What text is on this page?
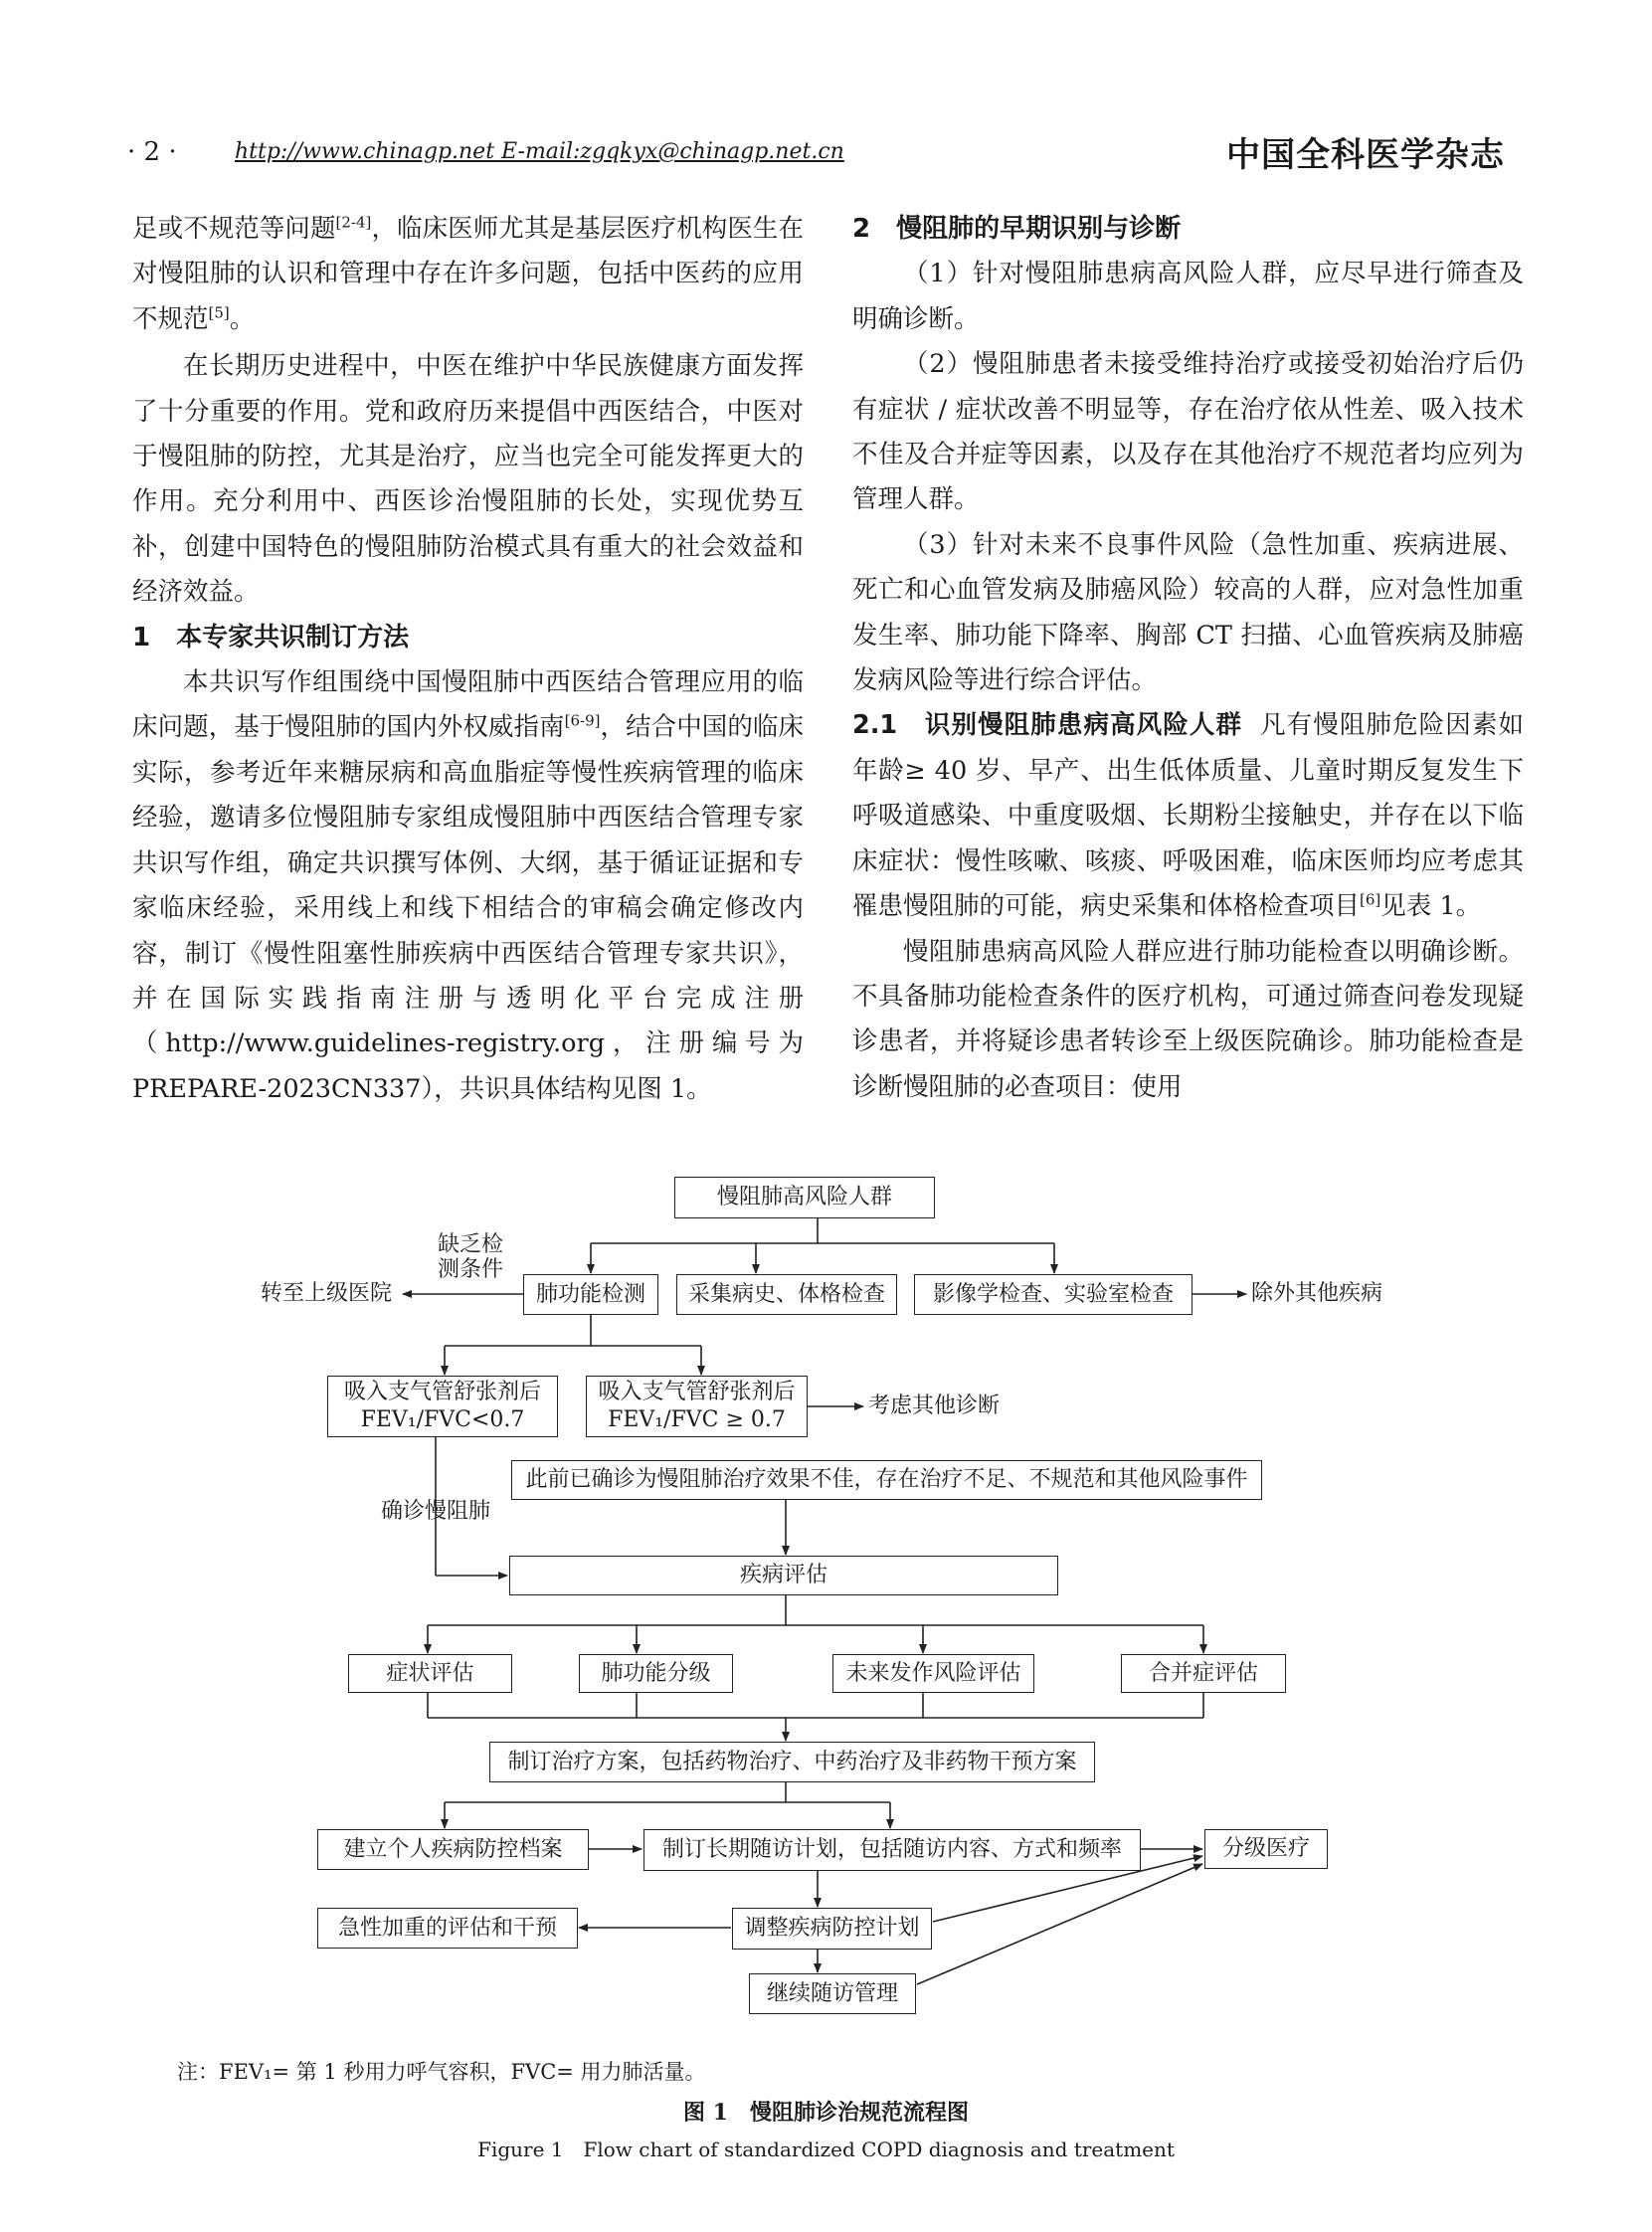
· 2 ·	http://www.chinagp.net E-mail:zgqkyx@chinagp.net.cn	中国全科医学杂志

足或不规范等问题[2-4]，临床医师尤其是基层医疗机构医生在对慢阻肺的认识和管理中存在许多问题，包括中医药的应用不规范[5]。

在长期历史进程中，中医在维护中华民族健康方面发挥了十分重要的作用。党和政府历来提倡中西医结合，中医对于慢阻肺的防控，尤其是治疗，应当也完全可能发挥更大的作用。充分利用中、西医诊治慢阻肺的长处，实现优势互补，创建中国特色的慢阻肺防治模式具有重大的社会效益和经济效益。

1　本专家共识制订方法

本共识写作组围绕中国慢阻肺中西医结合管理应用的临床问题，基于慢阻肺的国内外权威指南[6-9]，结合中国的临床实际，参考近年来糖尿病和高血脂症等慢性疾病管理的临床经验，邀请多位慢阻肺专家组成慢阻肺中西医结合管理专家共识写作组，确定共识撰写体例、大纲，基于循证证据和专家临床经验，采用线上和线下相结合的审稿会确定修改内容，制订《慢性阻塞性肺疾病中西医结合管理专家共识》，并在国际实践指南注册与透明化平台完成注册（http://www.guidelines-registry.org，注册编号为 PREPARE-2023CN337），共识具体结构见图 1。

2　慢阻肺的早期识别与诊断

（1）针对慢阻肺患病高风险人群，应尽早进行筛查及明确诊断。

（2）慢阻肺患者未接受维持治疗或接受初始治疗后仍有症状 / 症状改善不明显等，存在治疗依从性差、吸入技术不佳及合并症等因素，以及存在其他治疗不规范者均应列为管理人群。

（3）针对未来不良事件风险（急性加重、疾病进展、死亡和心血管发病及肺癌风险）较高的人群，应对急性加重发生率、肺功能下降率、胸部 CT 扫描、心血管疾病及肺癌发病风险等进行综合评估。

2.1　识别慢阻肺患病高风险人群 凡有慢阻肺危险因素如年龄≥ 40 岁、早产、出生低体质量、儿童时期反复发生下呼吸道感染、中重度吸烟、长期粉尘接触史，并存在以下临床症状：慢性咳嗽、咳痰、呼吸困难，临床医师均应考虑其罹患慢阻肺的可能，病史采集和体格检查项目[6]见表 1。

慢阻肺患病高风险人群应进行肺功能检查以明确诊断。不具备肺功能检查条件的医疗机构，可通过筛查问卷发现疑诊患者，并将疑诊患者转诊至上级医院确诊。肺功能检查是诊断慢阻肺的必查项目：使用

慢阻肺高风险人群
缺乏检测条件
转至上级医院	肺功能检测	采集病史、体格检查	影像学检查、实验室检查	除外其他疾病
吸入支气管舒张剂后
FEV₁/FVC<0.7
吸入支气管舒张剂后
FEV₁/FVC ≥ 0.7
考虑其他诊断
此前已确诊为慢阻肺治疗效果不佳，存在治疗不足、不规范和其他风险事件
确诊慢阻肺
疾病评估
症状评估	肺功能分级	未来发作风险评估	合并症评估
制订治疗方案，包括药物治疗、中药治疗及非药物干预方案
建立个人疾病防控档案	制订长期随访计划，包括随访内容、方式和频率	分级医疗
急性加重的评估和干预	调整疾病防控计划
继续随访管理
注：FEV₁= 第 1 秒用力呼气容积，FVC= 用力肺活量。
图 1　慢阻肺诊治规范流程图
Figure 1　Flow chart of standardized COPD diagnosis and treatment
